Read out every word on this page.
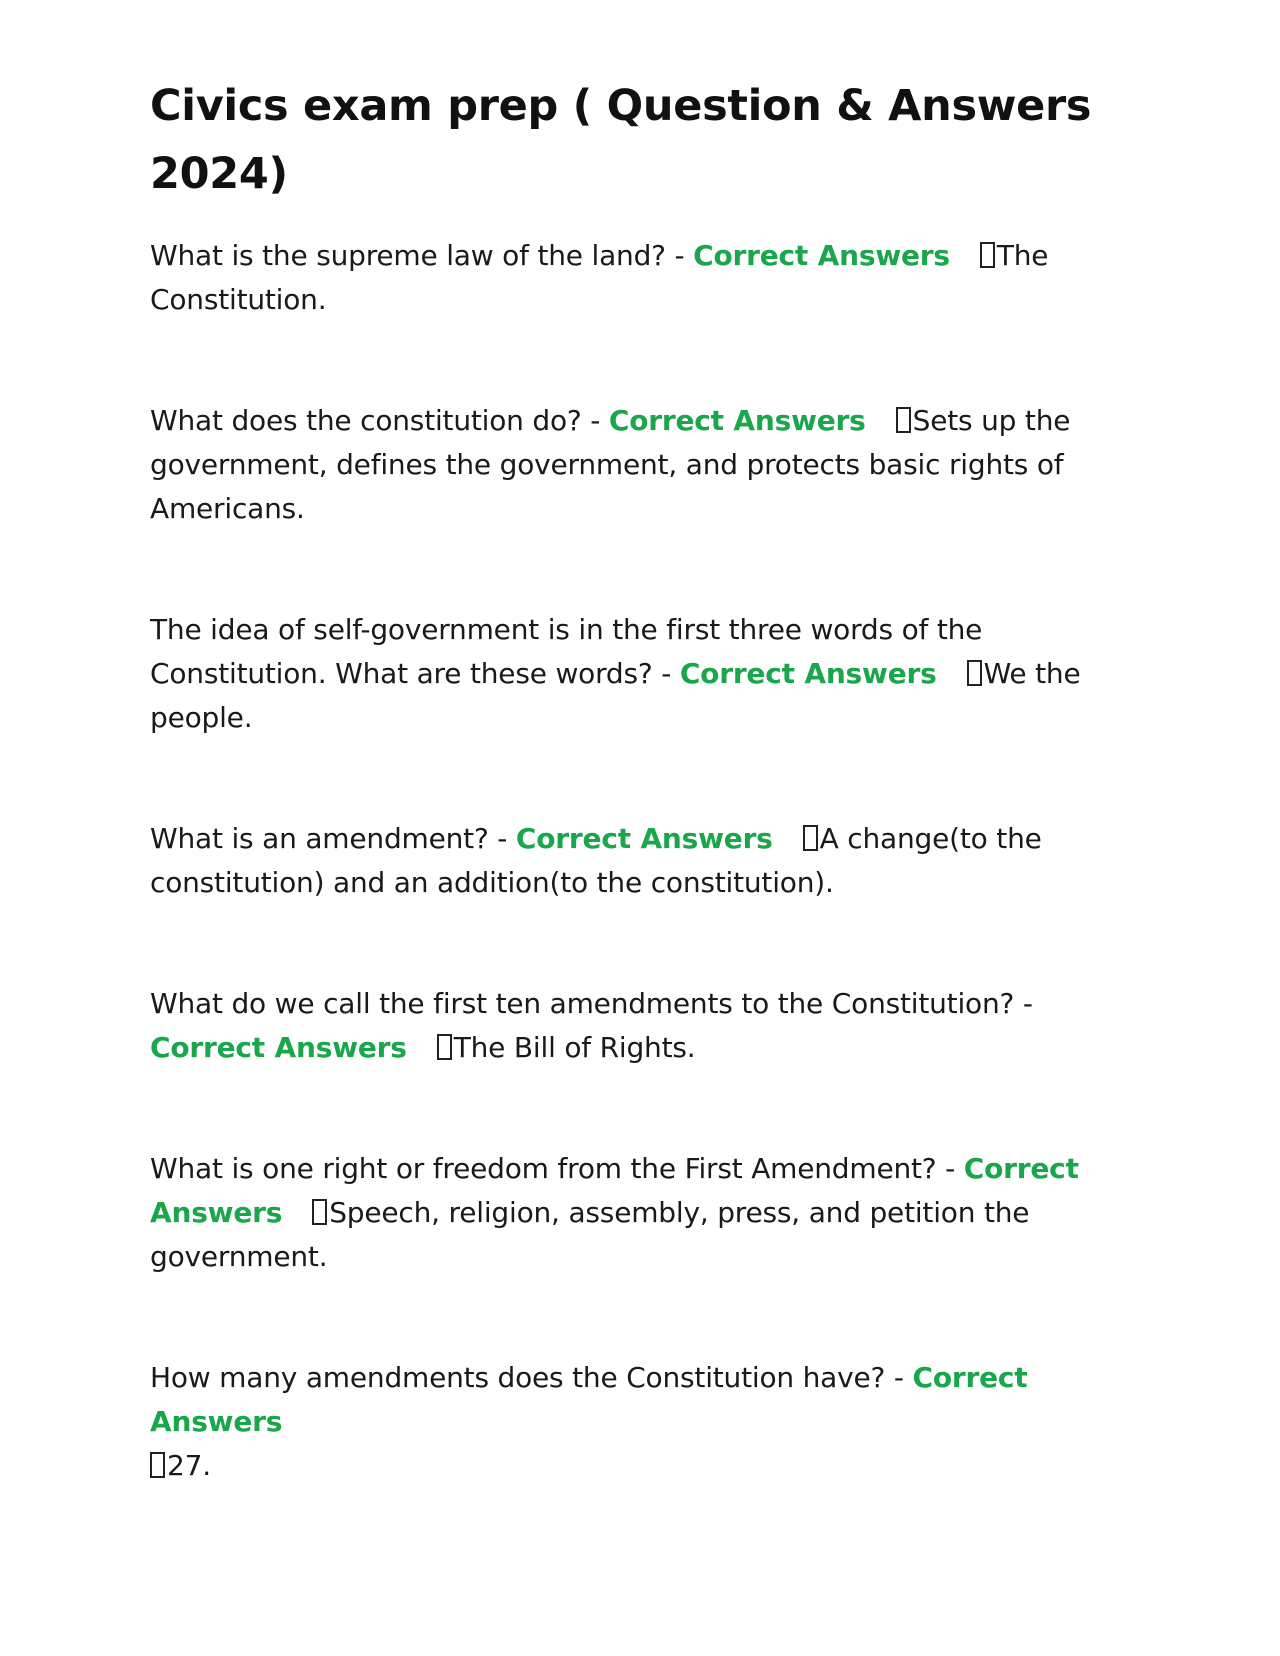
Civics exam prep ( Question & Answers 2024)

What is the supreme law of the land? - Correct Answers The Constitution.

What does the constitution do? - Correct Answers Sets up the government, defines the government, and protects basic rights of Americans.

The idea of self-government is in the first three words of the Constitution. What are these words? - Correct Answers We the people.

What is an amendment? - Correct Answers A change(to the constitution) and an addition(to the constitution).

What do we call the first ten amendments to the Constitution? - Correct Answers The Bill of Rights.

What is one right or freedom from the First Amendment? - Correct Answers Speech, religion, assembly, press, and petition the government.

How many amendments does the Constitution have? - Correct Answers
27.
